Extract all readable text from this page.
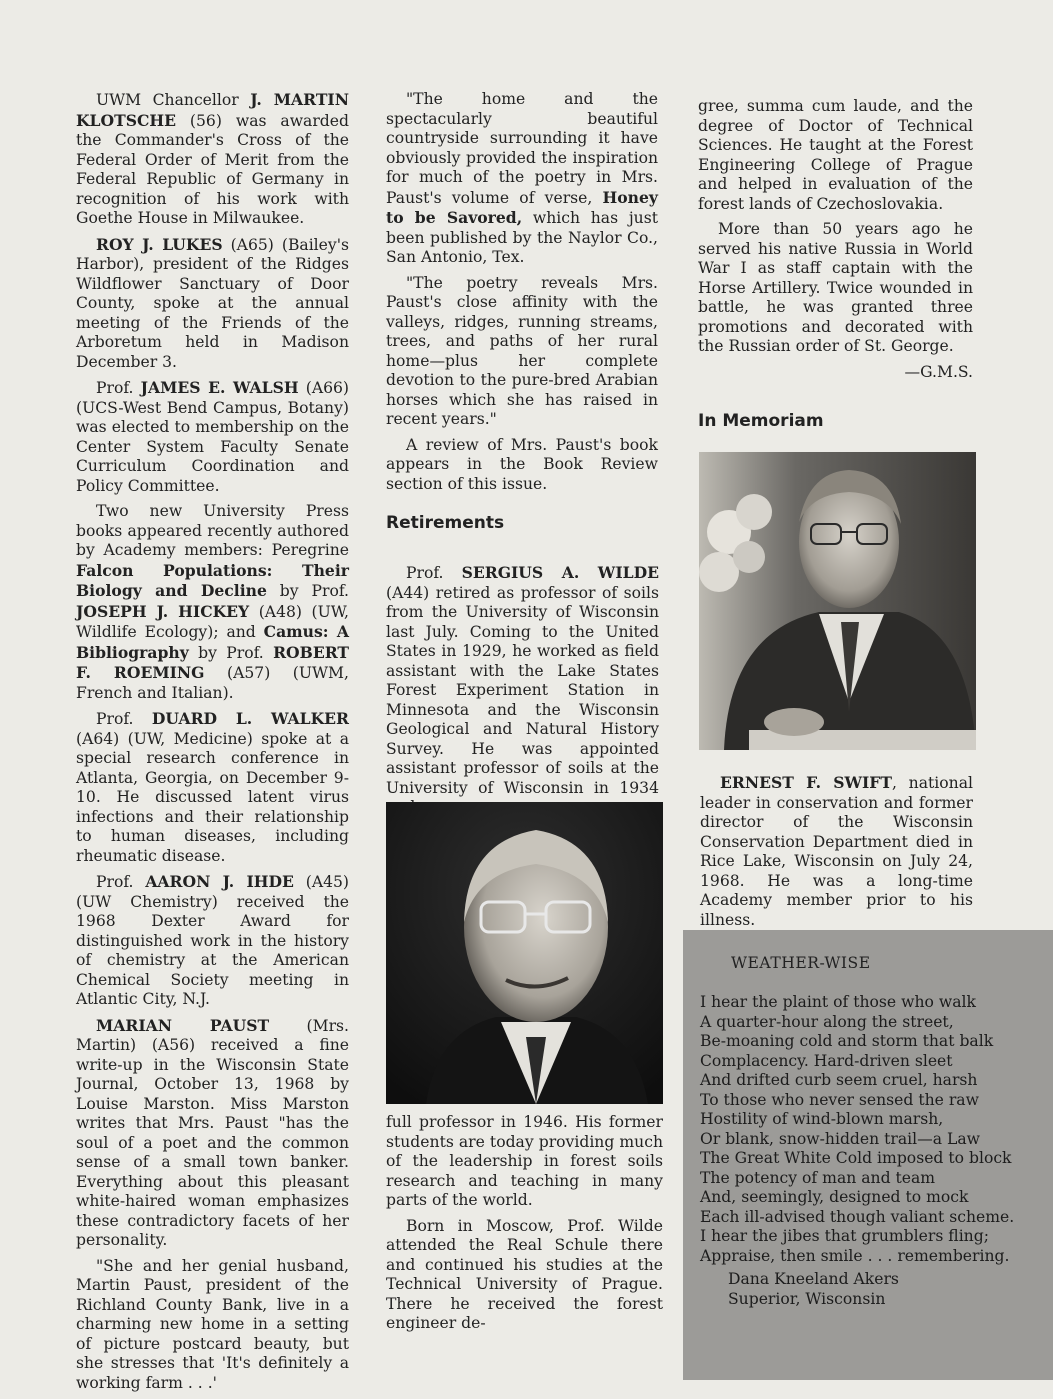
UWM Chancellor J. MARTIN KLOTSCHE (56) was awarded the Commander's Cross of the Federal Order of Merit from the Federal Republic of Germany in recognition of his work with Goethe House in Milwaukee.

ROY J. LUKES (A65) (Bailey's Harbor), president of the Ridges Wildflower Sanctuary of Door County, spoke at the annual meeting of the Friends of the Arboretum held in Madison December 3.

Prof. JAMES E. WALSH (A66) (UCS-West Bend Campus, Botany) was elected to membership on the Center System Faculty Senate Curriculum Coordination and Policy Committee.

Two new University Press books appeared recently authored by Academy members: Peregrine Falcon Populations: Their Biology and Decline by Prof. JOSEPH J. HICKEY (A48) (UW, Wildlife Ecology); and Camus: A Bibliography by Prof. ROBERT F. ROEMING (A57) (UWM, French and Italian).

Prof. DUARD L. WALKER (A64) (UW, Medicine) spoke at a special research conference in Atlanta, Georgia, on December 9-10. He discussed latent virus infections and their relationship to human diseases, including rheumatic disease.

Prof. AARON J. IHDE (A45) (UW Chemistry) received the 1968 Dexter Award for distinguished work in the history of chemistry at the American Chemical Society meeting in Atlantic City, N.J.

MARIAN PAUST (Mrs. Martin) (A56) received a fine write-up in the Wisconsin State Journal, October 13, 1968 by Louise Marston. Miss Marston writes that Mrs. Paust "has the soul of a poet and the common sense of a small town banker. Everything about this pleasant white-haired woman emphasizes these contradictory facets of her personality.

"She and her genial husband, Martin Paust, president of the Richland County Bank, live in a charming new home in a setting of picture postcard beauty, but she stresses that 'It's definitely a working farm . . .'

"The home and the spectacularly beautiful countryside surrounding it have obviously provided the inspiration for much of the poetry in Mrs. Paust's volume of verse, Honey to be Savored, which has just been published by the Naylor Co., San Antonio, Tex.

"The poetry reveals Mrs. Paust's close affinity with the valleys, ridges, running streams, trees, and paths of her rural home—plus her complete devotion to the pure-bred Arabian horses which she has raised in recent years."

A review of Mrs. Paust's book appears in the Book Review section of this issue.

Retirements

Prof. SERGIUS A. WILDE (A44) retired as professor of soils from the University of Wisconsin last July. Coming to the United States in 1929, he worked as field assistant with the Lake States Forest Experiment Station in Minnesota and the Wisconsin Geological and Natural History Survey. He was appointed assistant professor of soils at the University of Wisconsin in 1934

full professor in 1946. His former students are today providing much of the leadership in forest soils research and teaching in many parts of the world.

Born in Moscow, Prof. Wilde attended the Real Schule there and continued his studies at the Technical University of Prague. There he received the forest engineer de-

gree, summa cum laude, and the degree of Doctor of Technical Sciences. He taught at the Forest Engineering College of Prague and helped in evaluation of the forest lands of Czechoslovakia.

More than 50 years ago he served his native Russia in World War I as staff captain with the Horse Artillery. Twice wounded in battle, he was granted three promotions and decorated with the Russian order of St. George.

—G.M.S.

In Memoriam

ERNEST F. SWIFT, national leader in conservation and former director of the Wisconsin Conservation Department died in Rice Lake, Wisconsin on July 24, 1968. He was a long-time Academy member prior to his illness.

WEATHER-WISE
I hear the plaint of those who walk
A quarter-hour along the street,
Be-moaning cold and storm that balk
Complacency. Hard-driven sleet
And drifted curb seem cruel, harsh
To those who never sensed the raw
Hostility of wind-blown marsh,
Or blank, snow-hidden trail—a Law
The Great White Cold imposed to block
The potency of man and team
And, seemingly, designed to mock
Each ill-advised though valiant scheme.
I hear the jibes that grumblers fling;
Appraise, then smile . . . remembering.
Dana Kneeland Akers
Superior, Wisconsin
